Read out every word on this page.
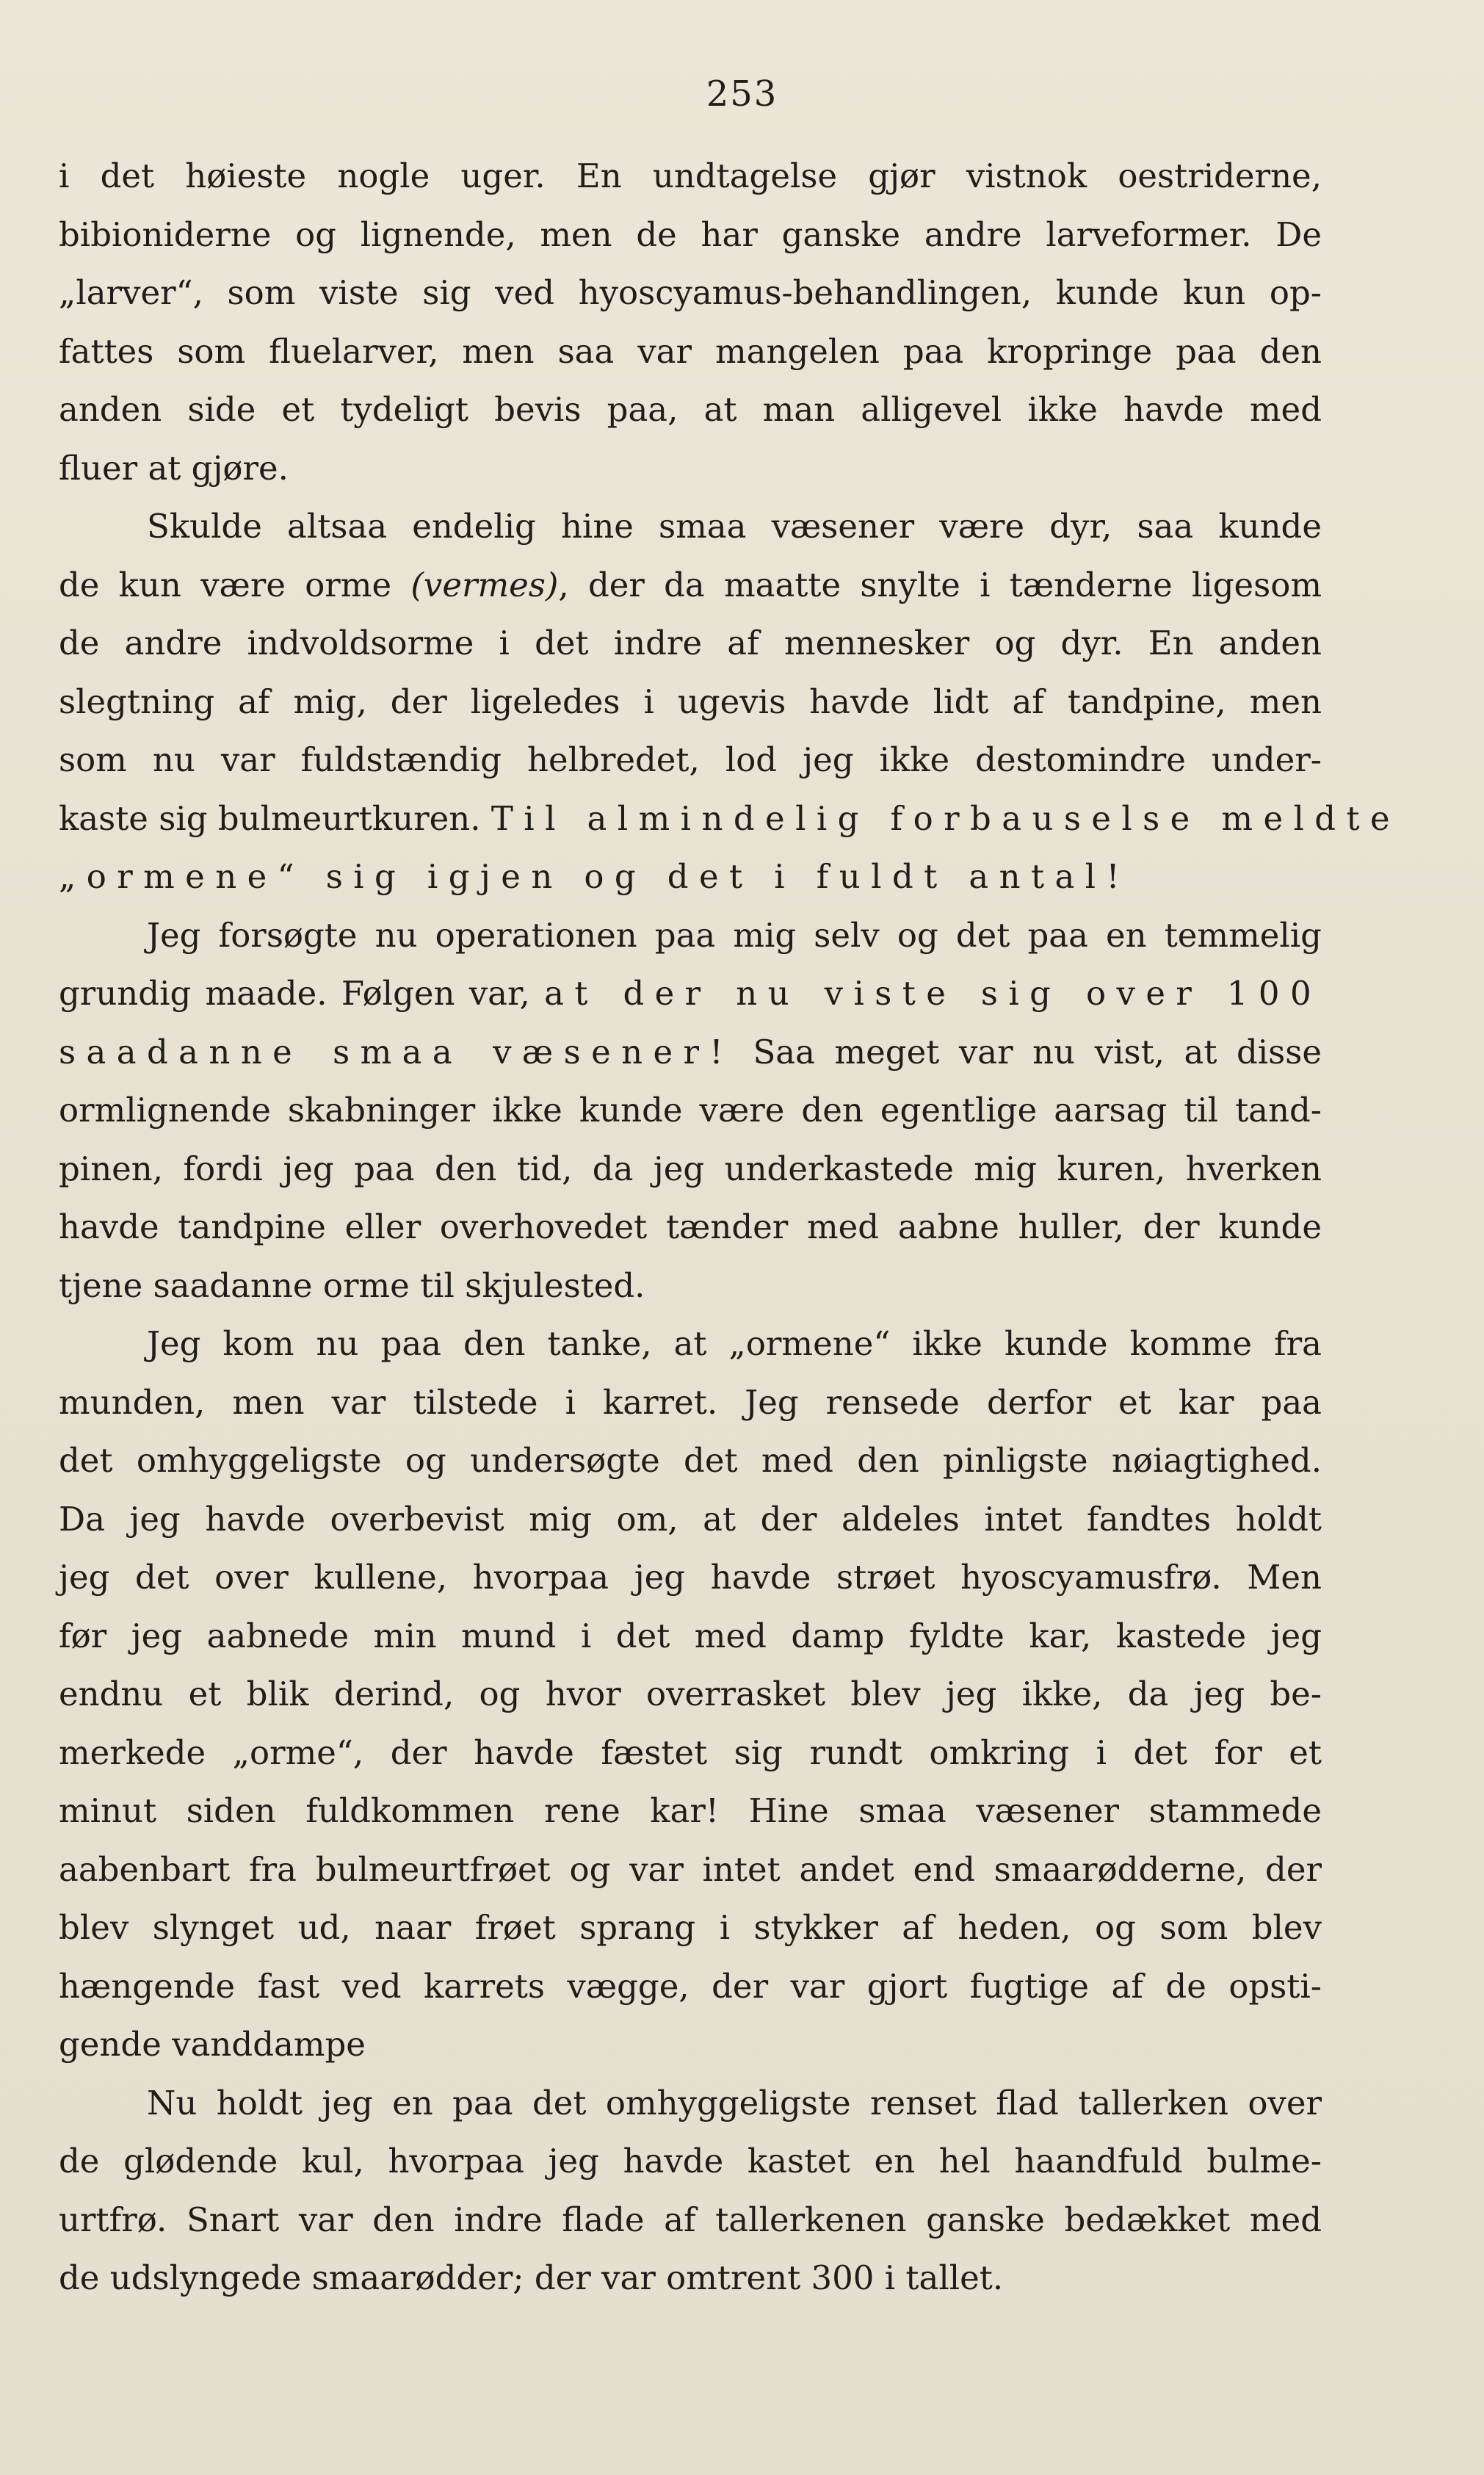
253
i det høieste nogle uger. En undtagelse gjør vistnok oestriderne,
bibioniderne og lignende, men de har ganske andre larveformer. De
„larver“, som viste sig ved hyoscyamus-behandlingen, kunde kun op-
fattes som fluelarver, men saa var mangelen paa kropringe paa den
anden side et tydeligt bevis paa, at man alligevel ikke havde med
fluer at gjøre.
Skulde altsaa endelig hine smaa væsener være dyr, saa kunde
de kun være orme (vermes), der da maatte snylte i tænderne ligesom
de andre indvoldsorme i det indre af mennesker og dyr. En anden
slegtning af mig, der ligeledes i ugevis havde lidt af tandpine, men
som nu var fuldstændig helbredet, lod jeg ikke destomindre under-
kaste sig bulmeurtkuren. Til almindelig forbauselse meldte
„ormene“ sig igjen og det i fuldt antal!
Jeg forsøgte nu operationen paa mig selv og det paa en temmelig
grundig maade. Følgen var, at der nu viste sig over 100
saadanne smaa væsener! Saa meget var nu vist, at disse
ormlignende skabninger ikke kunde være den egentlige aarsag til tand-
pinen, fordi jeg paa den tid, da jeg underkastede mig kuren, hverken
havde tandpine eller overhovedet tænder med aabne huller, der kunde
tjene saadanne orme til skjulested.
Jeg kom nu paa den tanke, at „ormene“ ikke kunde komme fra
munden, men var tilstede i karret. Jeg rensede derfor et kar paa
det omhyggeligste og undersøgte det med den pinligste nøiagtighed.
Da jeg havde overbevist mig om, at der aldeles intet fandtes holdt
jeg det over kullene, hvorpaa jeg havde strøet hyoscyamusfrø. Men
før jeg aabnede min mund i det med damp fyldte kar, kastede jeg
endnu et blik derind, og hvor overrasket blev jeg ikke, da jeg be-
merkede „orme“, der havde fæstet sig rundt omkring i det for et
minut siden fuldkommen rene kar! Hine smaa væsener stammede
aabenbart fra bulmeurtfrøet og var intet andet end smaarødderne, der
blev slynget ud, naar frøet sprang i stykker af heden, og som blev
hængende fast ved karrets vægge, der var gjort fugtige af de opsti-
gende vanddampe
Nu holdt jeg en paa det omhyggeligste renset flad tallerken over
de glødende kul, hvorpaa jeg havde kastet en hel haandfuld bulme-
urtfrø. Snart var den indre flade af tallerkenen ganske bedækket med
de udslyngede smaarødder; der var omtrent 300 i tallet.
